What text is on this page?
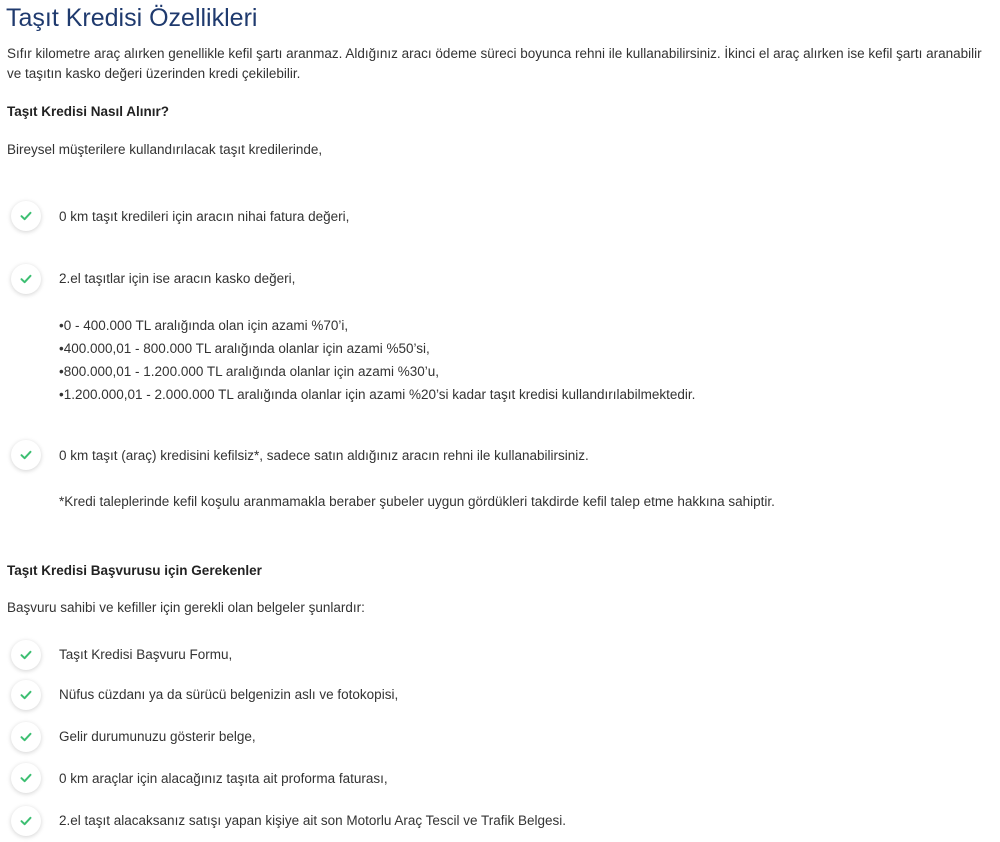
Taşıt Kredisi Özellikleri
Sıfır kilometre araç alırken genellikle kefil şartı aranmaz. Aldığınız aracı ödeme süreci boyunca rehni ile kullanabilirsiniz. İkinci el araç alırken ise kefil şartı aranabilir ve taşıtın kasko değeri üzerinden kredi çekilebilir.
Taşıt Kredisi Nasıl Alınır?
Bireysel müşterilere kullandırılacak taşıt kredilerinde,
0 km taşıt kredileri için aracın nihai fatura değeri,
2.el taşıtlar için ise aracın kasko değeri,
•0 - 400.000 TL aralığında olan için azami %70’i,
•400.000,01 - 800.000 TL aralığında olanlar için azami %50’si,
•800.000,01 - 1.200.000 TL aralığında olanlar için azami %30’u,
•1.200.000,01 - 2.000.000 TL aralığında olanlar için azami %20’si kadar taşıt kredisi kullandırılabilmektedir.
0 km taşıt (araç) kredisini kefilsiz*, sadece satın aldığınız aracın rehni ile kullanabilirsiniz.
*Kredi taleplerinde kefil koşulu aranmamakla beraber şubeler uygun gördükleri takdirde kefil talep etme hakkına sahiptir.
Taşıt Kredisi Başvurusu için Gerekenler
Başvuru sahibi ve kefiller için gerekli olan belgeler şunlardır:
Taşıt Kredisi Başvuru Formu,
Nüfus cüzdanı ya da sürücü belgenizin aslı ve fotokopisi,
Gelir durumunuzu gösterir belge,
0 km araçlar için alacağınız taşıta ait proforma faturası,
2.el taşıt alacaksanız satışı yapan kişiye ait son Motorlu Araç Tescil ve Trafik Belgesi.
